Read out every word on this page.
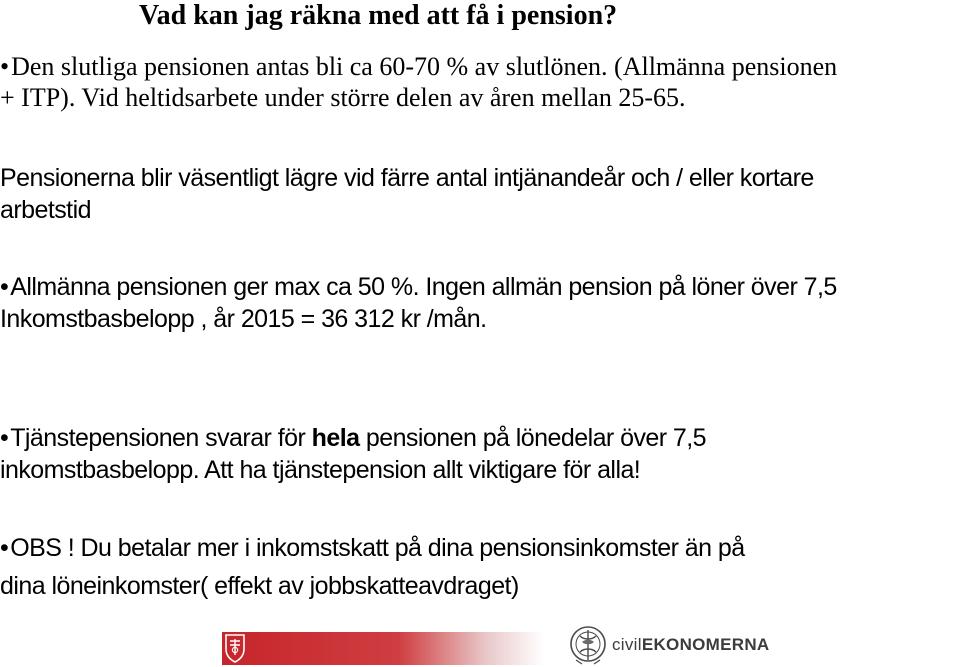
Vad kan jag räkna med att få i pension?
•Den slutliga pensionen antas bli ca 60-70 % av slutlönen. (Allmänna pensionen
+ ITP). Vid heltidsarbete under större delen av åren mellan 25-65.
Pensionerna blir väsentligt lägre vid färre antal intjänandeår och / eller kortare
arbetstid
•Allmänna pensionen ger max ca 50 %. Ingen allmän pension på löner över 7,5
Inkomstbasbelopp , år 2015 = 36 312 kr /mån.
•Tjänstepensionen svarar för hela pensionen på lönedelar över 7,5
inkomstbasbelopp. Att ha tjänstepension allt viktigare för alla!
•OBS ! Du betalar mer i inkomstskatt på dina pensionsinkomster än på
dina löneinkomster( effekt av jobbskatteavdraget)
civilEKONOMERNA
